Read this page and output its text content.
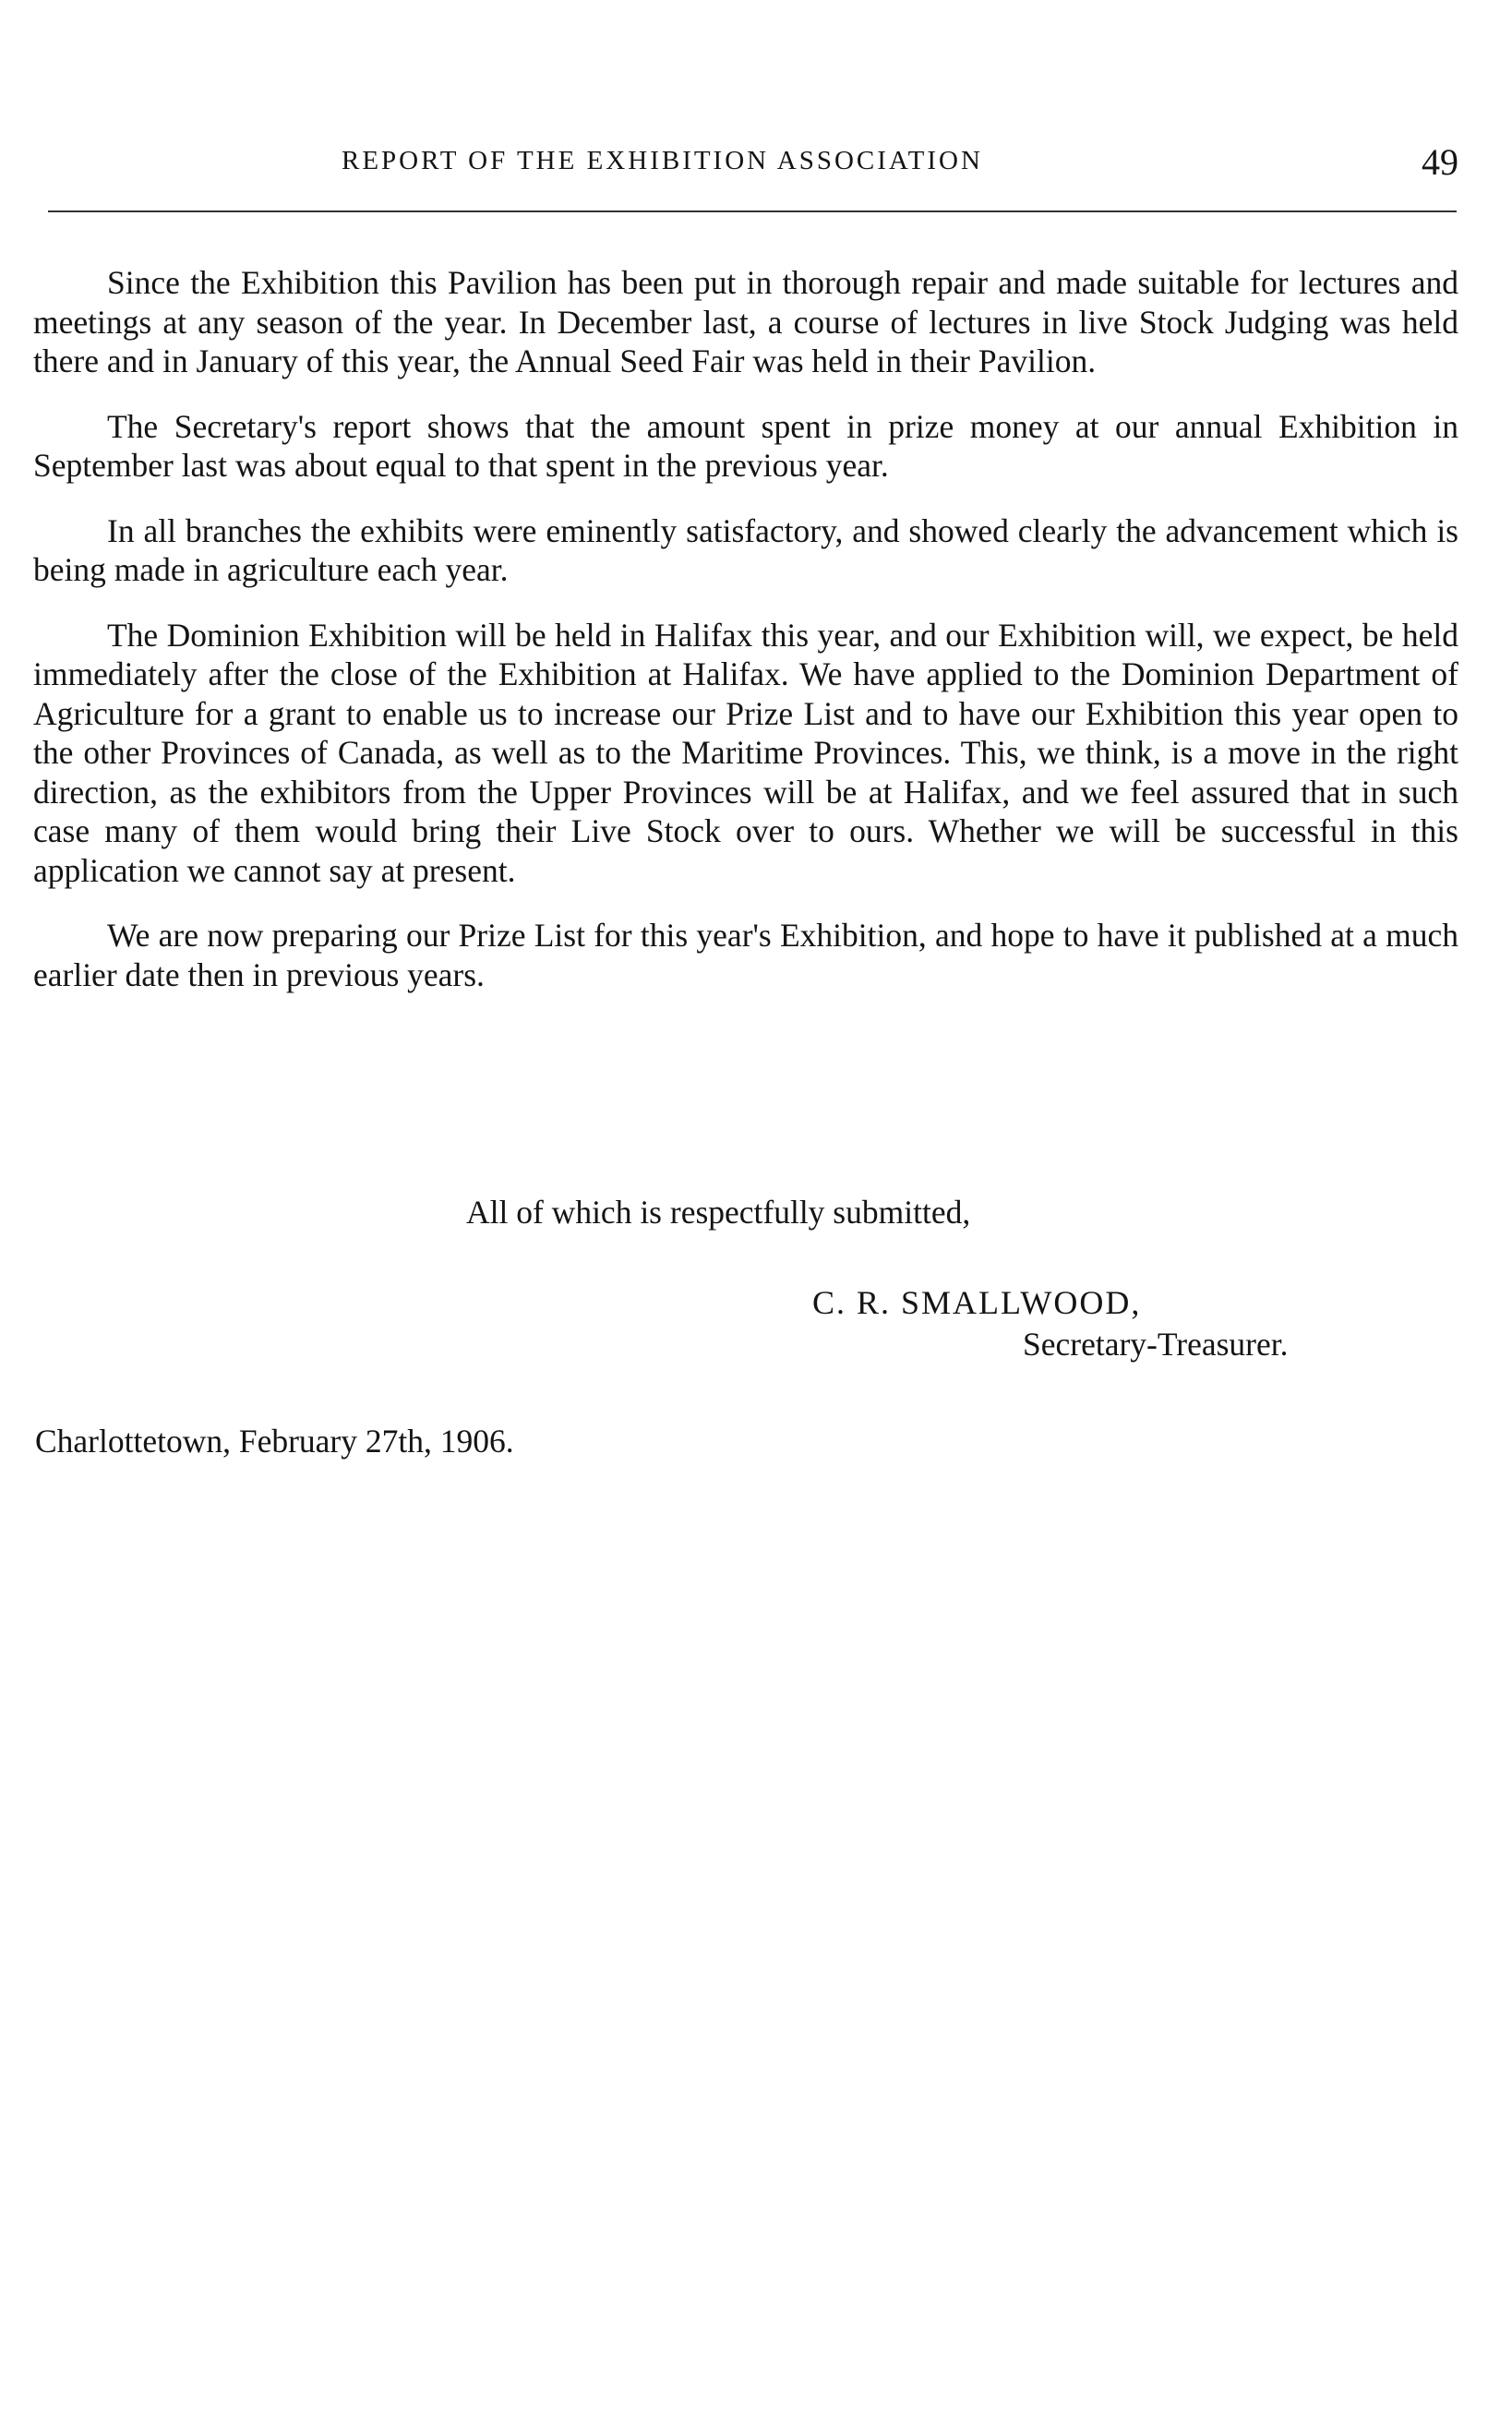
REPORT OF THE EXHIBITION ASSOCIATION	49

Since the Exhibition this Pavilion has been put in thorough repair and made suitable for lectures and meetings at any season of the year. In December last, a course of lectures in live Stock Judging was held there and in January of this year, the Annual Seed Fair was held in their Pavilion.

The Secretary's report shows that the amount spent in prize money at our annual Exhibition in September last was about equal to that spent in the previous year.

In all branches the exhibits were eminently satisfactory, and showed clearly the advancement which is being made in agriculture each year.

The Dominion Exhibition will be held in Halifax this year, and our Exhibition will, we expect, be held immediately after the close of the Exhibition at Halifax. We have applied to the Dominion Department of Agriculture for a grant to enable us to increase our Prize List and to have our Exhibition this year open to the other Provinces of Canada, as well as to the Maritime Provinces. This, we think, is a move in the right direction, as the exhibitors from the Upper Provinces will be at Halifax, and we feel assured that in such case many of them would bring their Live Stock over to ours. Whether we will be successful in this application we cannot say at present.

We are now preparing our Prize List for this year's Exhibition, and hope to have it published at a much earlier date then in previous years.

All of which is respectfully submitted,
C. R. SMALLWOOD,
Secretary-Treasurer.
Charlottetown, February 27th, 1906.
